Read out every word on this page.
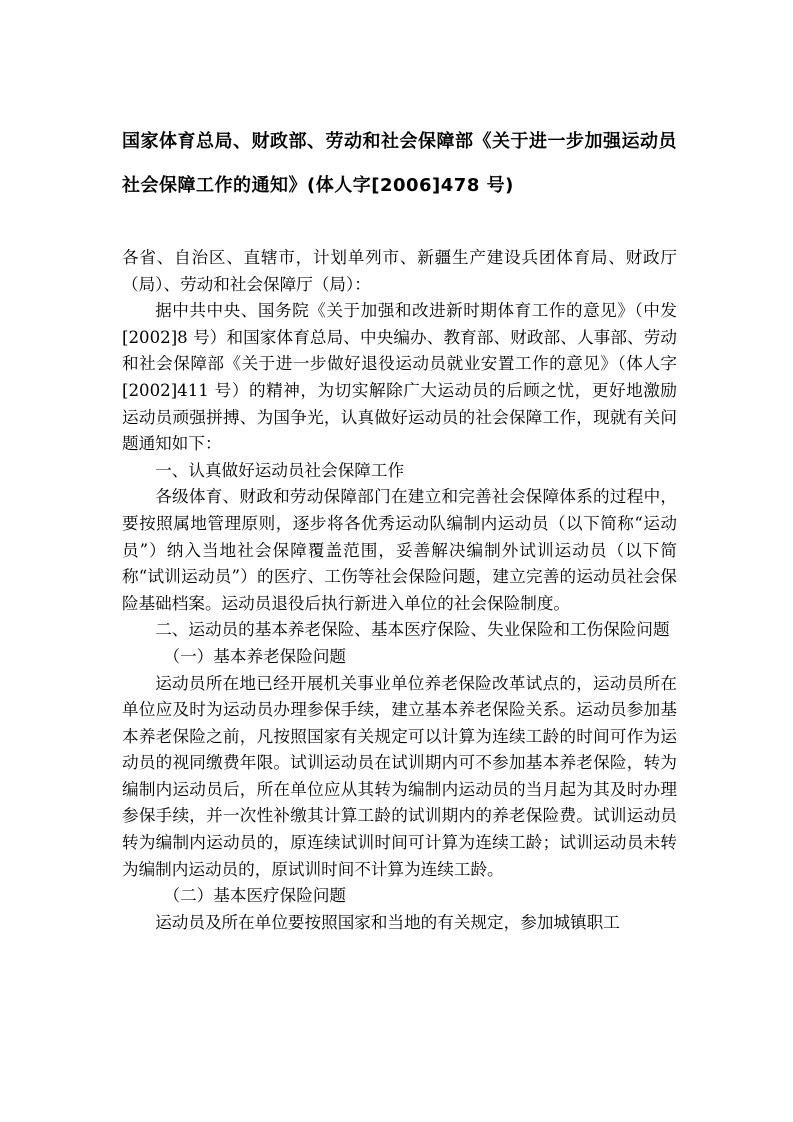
国家体育总局、财政部、劳动和社会保障部《关于进一步加强运动员
社会保障工作的通知》(体人字[2006]478 号)

各省、自治区、直辖市，计划单列市、新疆生产建设兵团体育局、财政厅（局）、劳动和社会保障厅（局）：

据中共中央、国务院《关于加强和改进新时期体育工作的意见》（中发[2002]8 号）和国家体育总局、中央编办、教育部、财政部、人事部、劳动和社会保障部《关于进一步做好退役运动员就业安置工作的意见》（体人字[2002]411 号）的精神，为切实解除广大运动员的后顾之忧，更好地激励运动员顽强拼搏、为国争光，认真做好运动员的社会保障工作，现就有关问题通知如下：

一、认真做好运动员社会保障工作

各级体育、财政和劳动保障部门在建立和完善社会保障体系的过程中，要按照属地管理原则，逐步将各优秀运动队编制内运动员（以下简称“运动员”）纳入当地社会保障覆盖范围，妥善解决编制外试训运动员（以下简称“试训运动员”）的医疗、工伤等社会保险问题，建立完善的运动员社会保险基础档案。运动员退役后执行新进入单位的社会保险制度。

二、运动员的基本养老保险、基本医疗保险、失业保险和工伤保险问题

（一）基本养老保险问题

运动员所在地已经开展机关事业单位养老保险改革试点的，运动员所在单位应及时为运动员办理参保手续，建立基本养老保险关系。运动员参加基本养老保险之前，凡按照国家有关规定可以计算为连续工龄的时间可作为运动员的视同缴费年限。试训运动员在试训期内可不参加基本养老保险，转为编制内运动员后，所在单位应从其转为编制内运动员的当月起为其及时办理参保手续，并一次性补缴其计算工龄的试训期内的养老保险费。试训运动员转为编制内运动员的，原连续试训时间可计算为连续工龄；试训运动员未转为编制内运动员的，原试训时间不计算为连续工龄。

（二）基本医疗保险问题

运动员及所在单位要按照国家和当地的有关规定，参加城镇职工
